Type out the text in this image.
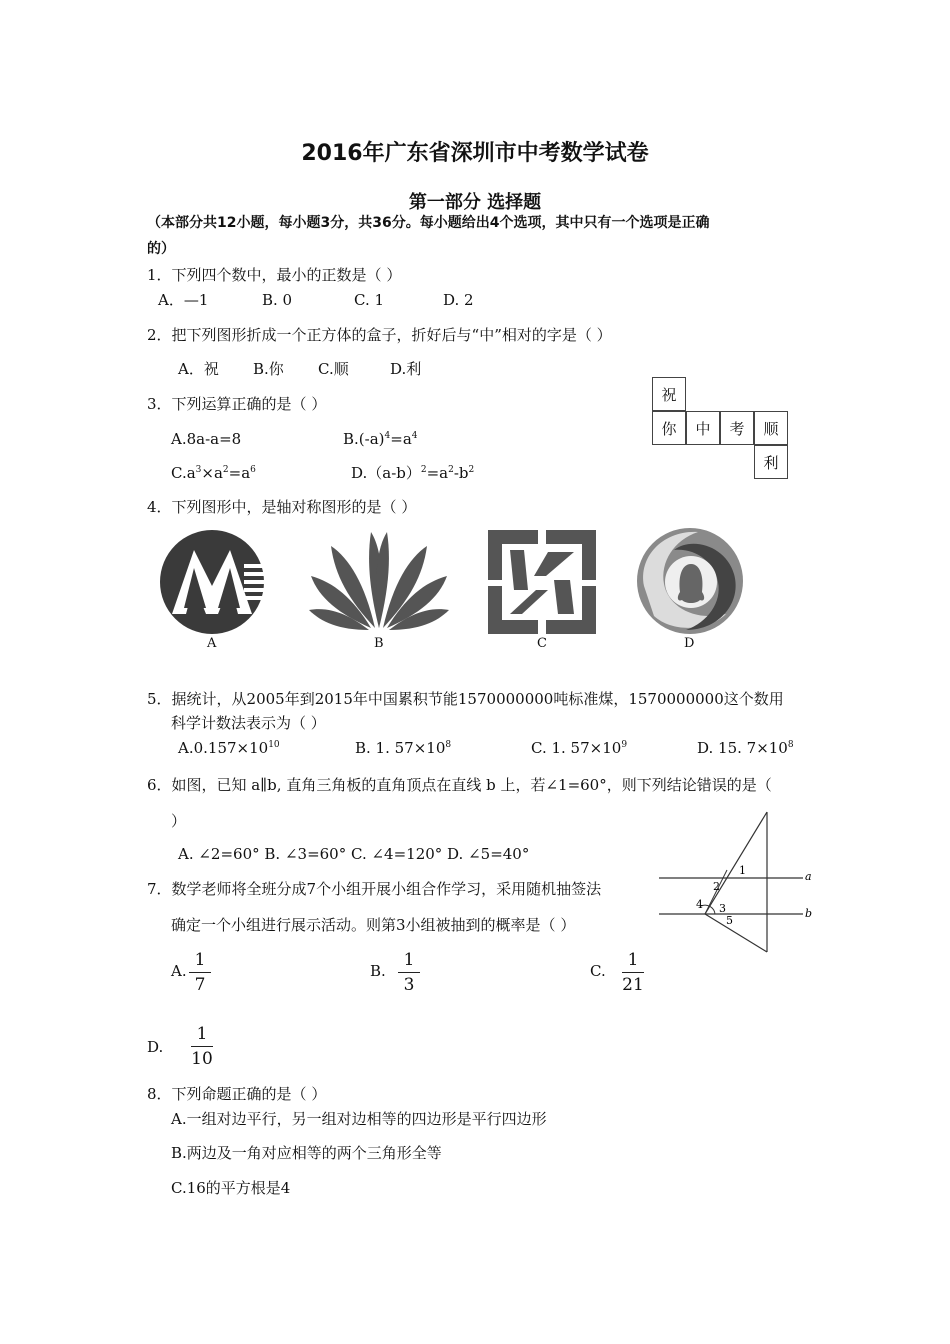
2016年广东省深圳市中考数学试卷
第一部分 选择题
（本部分共12小题，每小题3分，共36分。每小题给出4个选项，其中只有一个选项是正确
的）
1．下列四个数中，最小的正数是（ ）
A．—1	B. 0	C. 1	D. 2
2．把下列图形折成一个正方体的盒子，折好后与“中”相对的字是（ ）
A．祝 B.你 C.顺	D.利
祝
你	中	考	顺
利
3．下列运算正确的是（ ）
A.8a-a=8	$B.(-a)^4=a^4$
$C.a^3\times a^2=a^6$	$D.(a-b)^2=a^2-b^2$
4．下列图形中，是轴对称图形的是（ ）
A	B	C	D
5．据统计，从2005年到2015年中国累积节能1570000000吨标准煤，1570000000这个数用
科学计数法表示为（ ）
$A.0.157\times 10^{10}$	B. 1. $57\times 10^8$	C. 1. $57\times 10^9$	D. 15. $7\times 10^8$
6．如图，已知 a∥b, 直角三角板的直角顶点在直线 b 上，若∠1=60°，则下列结论错误的是（
）
A. ∠2=60° B. ∠3=60° C. ∠4=120° D. ∠5=40°
1
2
3
4
5
a
b
7．数学老师将全班分成7个小组开展小组合作学习，采用随机抽签法
确定一个小组进行展示活动。则第3小组被抽到的概率是（ ）
A.
1
7
B.
1
3
C.
1
21
D.
1
10
8．下列命题正确的是（ ）
A.一组对边平行，另一组对边相等的四边形是平行四边形
B.两边及一角对应相等的两个三角形全等
C.16的平方根是4
